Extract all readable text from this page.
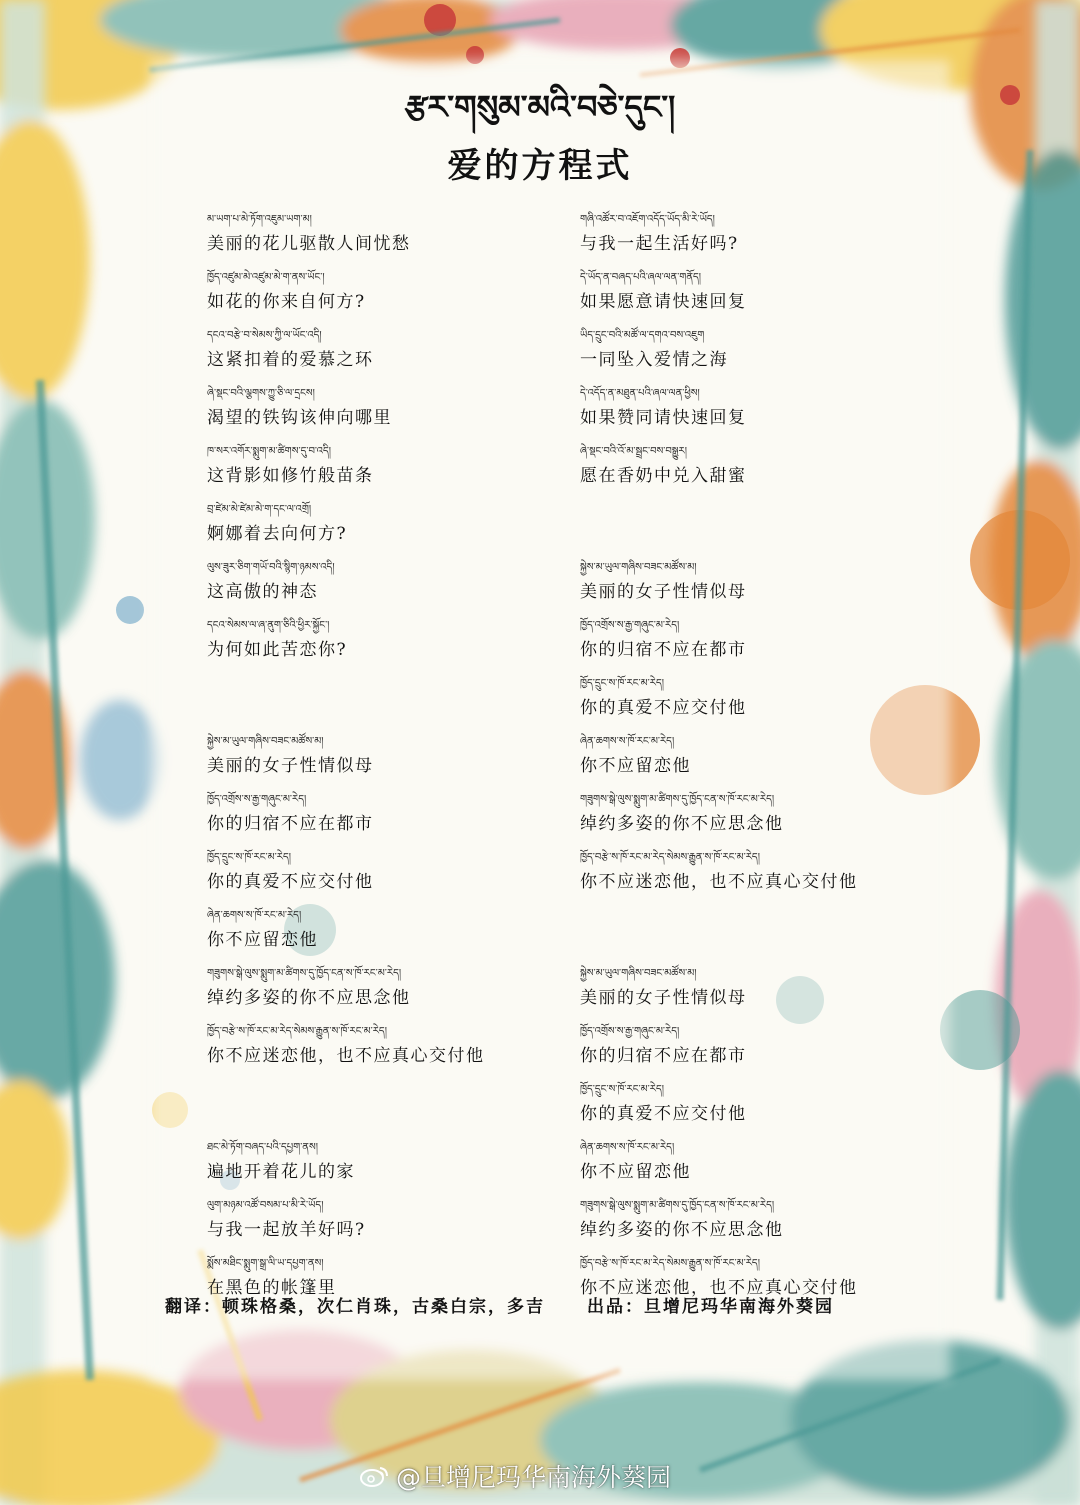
རྩར་གསུམ་མའི་བཅེ་དུང་།
爱的方程式
མ་ཡག་པ་མེ་ཏོག་འཇུམ་ཡག་མ།
美丽的花儿驱散人间忧愁
ཁྱོད་འཛུམ་མེ་འཛུམ་མེ་ག་ནས་ཡོང་།
如花的你来自何方?
དངའ་བརྩེ་བ་སེམས་ཀྱི་ལ་ཡོང་འདི།
这紧扣着的爱慕之环
ཞེ་སྡང་བའི་ལྕགས་ཀྱུ་ཅི་ལ་དྲངས།
渴望的铁钩该伸向哪里
ཁ་སར་འགོར་སྨུག་མ་ཚིགས་དུ་བ་འདི།
这背影如修竹般苗条
བྲ་ཛེམ་མེ་ཛེམ་མེ་ག་དང་ལ་འགྲོ།
婀娜着去向何方?
ལུས་ཟུར་ཅིག་གཡོ་བའི་སྙིག་ཉམས་འདི།
这高傲的神态
དངའ་སེམས་ལ་ཞ་ནུག་ཅིའི་ཕྱིར་སྐྱོང་།
为何如此苦恋你?
སྐྱེས་མ་ཡུལ་གཞིས་བཟང་མཚོས་མ།
美丽的女子性情似母
ཁྱོད་འགྲོས་ས་རྒྱ་གཞུང་མ་རེད།
你的归宿不应在都市
ཁྱོད་དྲུང་ས་ཁོ་རང་མ་རེད།
你的真爱不应交付他
ཞེན་ཆགས་ས་ཁོ་རང་མ་རེད།
你不应留恋他
གཟུགས་སྒེ་ལུས་སྨུག་མ་ཚིགས་དུ་ཁྱོད་ངན་ས་ཁོ་རང་མ་རེད།
绰约多姿的你不应思念他
ཁྱོད་བརྩེ་ས་ཁོ་རང་མ་རེད་སེམས་རྒྱུན་ས་ཁོ་རང་མ་རེད།
你不应迷恋他，也不应真心交付他
ཐང་མེ་ཏོག་བཞད་པའི་དཔྱག་ནས།
遍地开着花儿的家
ལུག་མཉམ་འཚོ་བསམ་པ་མི་རེ་ཡོད།
与我一起放羊好吗?
སྨོས་མཐིང་སྨུག་སྒྲ་ལི་ཡ་དཔྱག་ནས།
在黑色的帐篷里
གཞི་འཚོར་བ་འཇོག་འདོད་ཡོད་མི་རེ་ཡོད།
与我一起生活好吗?
དེ་ཡོད་ན་བཞད་པའི་ཞལ་ལན་གནོད།
如果愿意请快速回复
ཡིད་དྲུང་བའི་མཚོ་ལ་དགའ་བས་འཇུག
一同坠入爱情之海
དེ་འདོད་ན་མཐུན་པའི་ཞལ་ལན་ཕྱིས།
如果赞同请快速回复
ཞེ་སྡང་བའི་འོ་མ་སྦྲང་བས་བསྒྱུར།
愿在香奶中兑入甜蜜
སྐྱེས་མ་ཡུལ་གཞིས་བཟང་མཚོས་མ།
美丽的女子性情似母
ཁྱོད་འགྲོས་ས་རྒྱ་གཞུང་མ་རེད།
你的归宿不应在都市
ཁྱོད་དྲུང་ས་ཁོ་རང་མ་རེད།
你的真爱不应交付他
ཞེན་ཆགས་ས་ཁོ་རང་མ་རེད།
你不应留恋他
གཟུགས་སྒེ་ལུས་སྨུག་མ་ཚིགས་དུ་ཁྱོད་ངན་ས་ཁོ་རང་མ་རེད།
绰约多姿的你不应思念他
ཁྱོད་བརྩེ་ས་ཁོ་རང་མ་རེད་སེམས་རྒྱུན་ས་ཁོ་རང་མ་རེད།
你不应迷恋他，也不应真心交付他
སྐྱེས་མ་ཡུལ་གཞིས་བཟང་མཚོས་མ།
美丽的女子性情似母
ཁྱོད་འགྲོས་ས་རྒྱ་གཞུང་མ་རེད།
你的归宿不应在都市
ཁྱོད་དྲུང་ས་ཁོ་རང་མ་རེད།
你的真爱不应交付他
ཞེན་ཆགས་ས་ཁོ་རང་མ་རེད།
你不应留恋他
གཟུགས་སྒེ་ལུས་སྨུག་མ་ཚིགས་དུ་ཁྱོད་ངན་ས་ཁོ་རང་མ་རེད།
绰约多姿的你不应思念他
ཁྱོད་བརྩེ་ས་ཁོ་རང་མ་རེད་སེམས་རྒྱུན་ས་ཁོ་རང་མ་རེད།
你不应迷恋他，也不应真心交付他
翻译：顿珠格桑，次仁肖珠，古桑白宗，多吉 出品：旦增尼玛华南海外葵园
@旦增尼玛华南海外葵园
